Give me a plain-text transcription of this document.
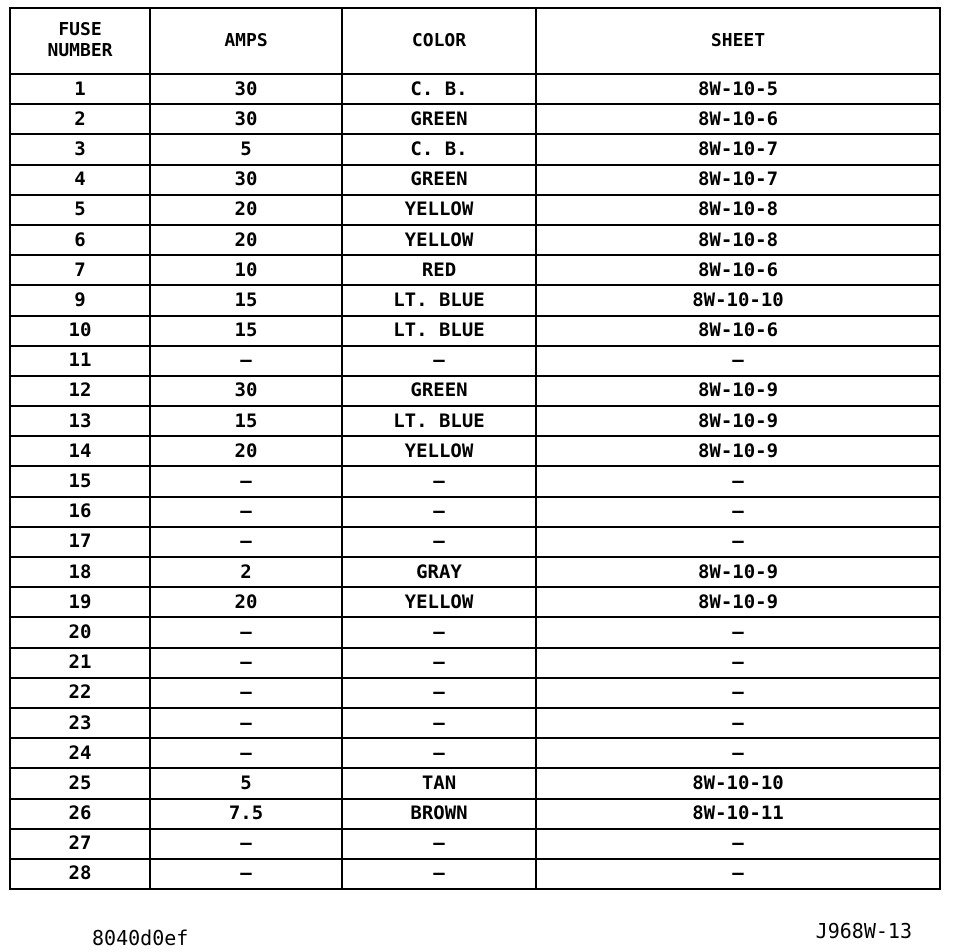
FUSE
NUMBER	AMPS	COLOR	SHEET
1	30	C. B.	8W-10-5
2	30	GREEN	8W-10-6
3	5	C. B.	8W-10-7
4	30	GREEN	8W-10-7
5	20	YELLOW	8W-10-8
6	20	YELLOW	8W-10-8
7	10	RED	8W-10-6
9	15	LT. BLUE	8W-10-10
10	15	LT. BLUE	8W-10-6
11	–	–	–
12	30	GREEN	8W-10-9
13	15	LT. BLUE	8W-10-9
14	20	YELLOW	8W-10-9
15	–	–	–
16	–	–	–
17	–	–	–
18	2	GRAY	8W-10-9
19	20	YELLOW	8W-10-9
20	–	–	–
21	–	–	–
22	–	–	–
23	–	–	–
24	–	–	–
25	5	TAN	8W-10-10
26	7.5	BROWN	8W-10-11
27	–	–	–
28	–	–	–
8040d0ef	J968W-13
